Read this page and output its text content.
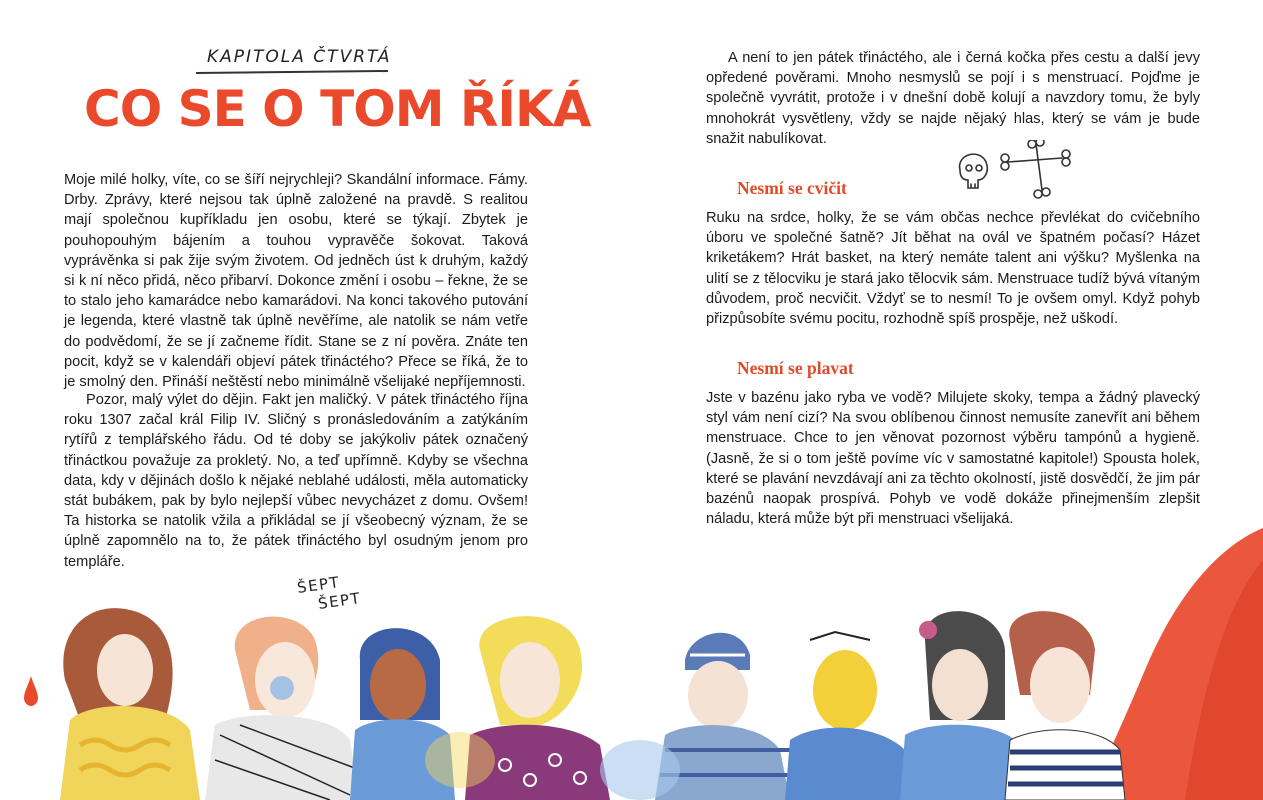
KAPITOLA ČTVRTÁ
CO SE O TOM ŘÍKÁ

Moje milé holky, víte, co se šíří nejrychleji? Skandální informace. Fámy. Drby. Zprávy, které nejsou tak úplně založené na pravdě. S realitou mají společnou kupříkladu jen osobu, které se týkají. Zbytek je pouhopouhým bájením a touhou vypravěče šokovat. Taková vyprávěnka si pak žije svým životem. Od jedněch úst k druhým, každý si k ní něco přidá, něco přibarví. Dokonce změní i osobu – řekne, že se to stalo jeho kamarádce nebo kamarádovi. Na konci takového putování je legenda, které vlastně tak úplně nevěříme, ale natolik se nám vetře do podvědomí, že se jí začneme řídit. Stane se z ní pověra. Znáte ten pocit, když se v kalendáři objeví pátek třináctého? Přece se říká, že to je smolný den. Přináší neštěstí nebo minimálně všelijaké nepříjemnosti.

Pozor, malý výlet do dějin. Fakt jen maličký. V pátek třináctého října roku 1307 začal král Filip IV. Sličný s pronásledováním a zatýkáním rytířů z templářského řádu. Od té doby se jakýkoliv pátek označený třináctkou považuje za prokletý. No, a teď upřímně. Kdyby se všechna data, kdy v dějinách došlo k nějaké neblahé události, měla automaticky stát bubákem, pak by bylo nejlepší vůbec nevycházet z domu. Ovšem! Ta historka se natolik vžila a přikládal se jí všeobecný význam, že se úplně zapomnělo na to, že pátek třináctého byl osudným jenom pro templáře.

ŠEPT
ŠEPT

A není to jen pátek třináctého, ale i černá kočka přes cestu a další jevy opředené pověrami. Mnoho nesmyslů se pojí i s menstruací. Pojďme je společně vyvrátit, protože i v dnešní době kolují a navzdory tomu, že byly mnohokrát vysvětleny, vždy se najde nějaký hlas, který se vám je bude snažit nabulíkovat.

Nesmí se cvičit

Ruku na srdce, holky, že se vám občas nechce převlékat do cvičebního úboru ve společné šatně? Jít běhat na ovál ve špatném počasí? Házet kriketákem? Hrát basket, na který nemáte talent ani výšku? Myšlenka na ulití se z tělocviku je stará jako tělocvik sám. Menstruace tudíž bývá vítaným důvodem, proč necvičit. Vždyť se to nesmí! To je ovšem omyl. Když pohyb přizpůsobíte svému pocitu, rozhodně spíš prospěje, než uškodí.

Nesmí se plavat

Jste v bazénu jako ryba ve vodě? Milujete skoky, tempa a žádný plavecký styl vám není cizí? Na svou oblíbenou činnost nemusíte zanevřít ani během menstruace. Chce to jen věnovat pozornost výběru tampónů a hygieně. (Jasně, že si o tom ještě povíme víc v samostatné kapitole!) Spousta holek, které se plavání nevzdávají ani za těchto okolností, jistě dosvědčí, že jim pár bazénů naopak prospívá. Pohyb ve vodě dokáže přinejmenším zlepšit náladu, která může být při menstruaci všelijaká.
